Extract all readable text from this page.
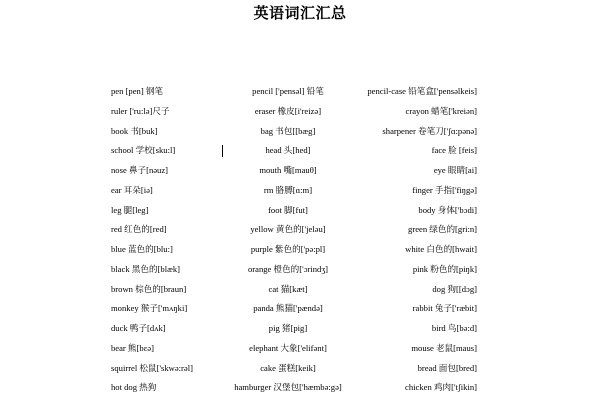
英语词汇汇总
pen [pen] 钢笔	pencil ['pensəl] 铅笔	pencil-case 铅笔盒['pensəlkeis]
ruler ['ru:lə]尺子	eraser 橡皮[i'reizə]	crayon 蜡笔['kreiən]
book 书[buk]	bag 书包[[bæg]	sharpener 卷笔刀['ʃɑ:pənə]
school 学校[sku:l]	head 头[hed]	face 脸 [feis]
nose 鼻子[nəuz]	mouth 嘴[mauθ]	eye 眼睛[ai]
ear 耳朵[iə]	rm 胳膊[ɑ:m]	finger 手指['fiŋgə]
leg 腿[leg]	foot 脚[fut]	body 身体['bɔdi]
red 红色的[red]	yellow 黄色的['jeləu]	green 绿色的[gri:n]
blue 蓝色的[blu:]	purple 紫色的['pə:pl]	white 白色的[hwait]
black 黑色的[blæk]	orange 橙色的['ɔrindʒ]	pink 粉色的[piŋk]
brown 棕色的[braun]	cat 猫[kæt]	dog 狗[[dɔg]
monkey 猴子['mʌŋki]	panda 熊猫['pændə]	rabbit 兔子['ræbit]
duck 鸭子[dʌk]	pig 猪[pig]	bird 鸟[bə:d]
bear 熊[bɛə]	elephant 大象['elifənt]	mouse 老鼠[maus]
squirrel 松鼠['skwə:rəl]	cake 蛋糕[keik]	bread 面包[bred]
hot dog 热狗	hamburger 汉堡包['hæmbə:gə]	chicken 鸡肉['tʃikin]
